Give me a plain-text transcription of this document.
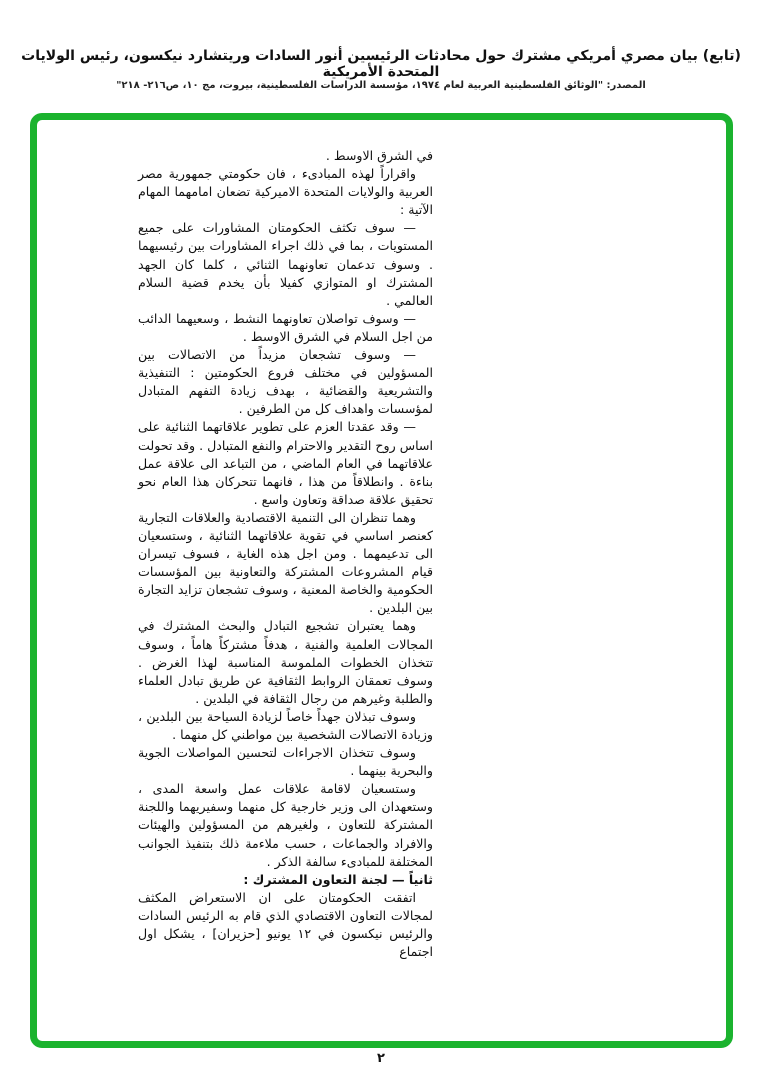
(تابع) بيان مصري أمريكي مشترك حول محادثات الرئيسين أنور السادات وريتشارد نيكسون، رئيس الولايات المتحدة الأمريكية
المصدر: "الوثائق الفلسطينية العربية لعام ١٩٧٤، مؤسسة الدراسات الفلسطينية، بيروت، مج ١٠، ص٢١٦- ٢١٨"

في الشرق الاوسط .

واقراراً لهذه المبادىء ، فان حكومتي جمهورية مصر العربية والولايات المتحدة الاميركية تضعان امامهما المهام الآتية :

— سوف تكثف الحكومتان المشاورات على جميع المستويات ، بما في ذلك اجراء المشاورات بين رئيسيهما . وسوف تدعمان تعاونهما الثنائي ، كلما كان الجهد المشترك او المتوازي كفيلا بأن يخدم قضية السلام العالمي .

— وسوف تواصلان تعاونهما النشط ، وسعيهما الدائب من اجل السلام في الشرق الاوسط .

— وسوف تشجعان مزيداً من الاتصالات بين المسؤولين في مختلف فروع الحكومتين : التنفيذية والتشريعية والقضائية ، بهدف زيادة التفهم المتبادل لمؤسسات واهداف كل من الطرفين .

— وقد عقدتا العزم على تطوير علاقاتهما الثنائية على اساس روح التقدير والاحترام والنفع المتبادل . وقد تحولت علاقاتهما في العام الماضي ، من التباعد الى علاقة عمل بناءة . وانطلاقاً من هذا ، فانهما تتحركان هذا العام نحو تحقيق علاقة صداقة وتعاون واسع .

وهما تنظران الى التنمية الاقتصادية والعلاقات التجارية كعنصر اساسي في تقوية علاقاتهما الثنائية ، وستسعيان الى تدعيمهما . ومن اجل هذه الغاية ، فسوف تيسران قيام المشروعات المشتركة والتعاونية بين المؤسسات الحكومية والخاصة المعنية ، وسوف تشجعان تزايد التجارة بين البلدين .

وهما يعتبران تشجيع التبادل والبحث المشترك في المجالات العلمية والفنية ، هدفاً مشتركاً هاماً ، وسوف تتخذان الخطوات الملموسة المناسبة لهذا الغرض . وسوف تعمقان الروابط الثقافية عن طريق تبادل العلماء والطلبة وغيرهم من رجال الثقافة في البلدين .

وسوف تبذلان جهداً خاصاً لزيادة السياحة بين البلدين ، وزيادة الاتصالات الشخصية بين مواطني كل منهما .

وسوف تتخذان الاجراءات لتحسين المواصلات الجوية والبحرية بينهما .

وستسعيان لاقامة علاقات عمل واسعة المدى ، وستعهدان الى وزير خارجية كل منهما وسفيريهما واللجنة المشتركة للتعاون ، ولغيرهم من المسؤولين والهيئات والافراد والجماعات ، حسب ملاءمة ذلك بتنفيذ الجوانب المختلفة للمبادىء سالفة الذكر .

ثانياً — لجنة التعاون المشترك :

اتفقت الحكومتان على ان الاستعراض المكثف لمجالات التعاون الاقتصادي الذي قام به الرئيس السادات والرئيس نيكسون في ١٢ يونيو [حزيران] ، يشكل اول اجتماع

٢
